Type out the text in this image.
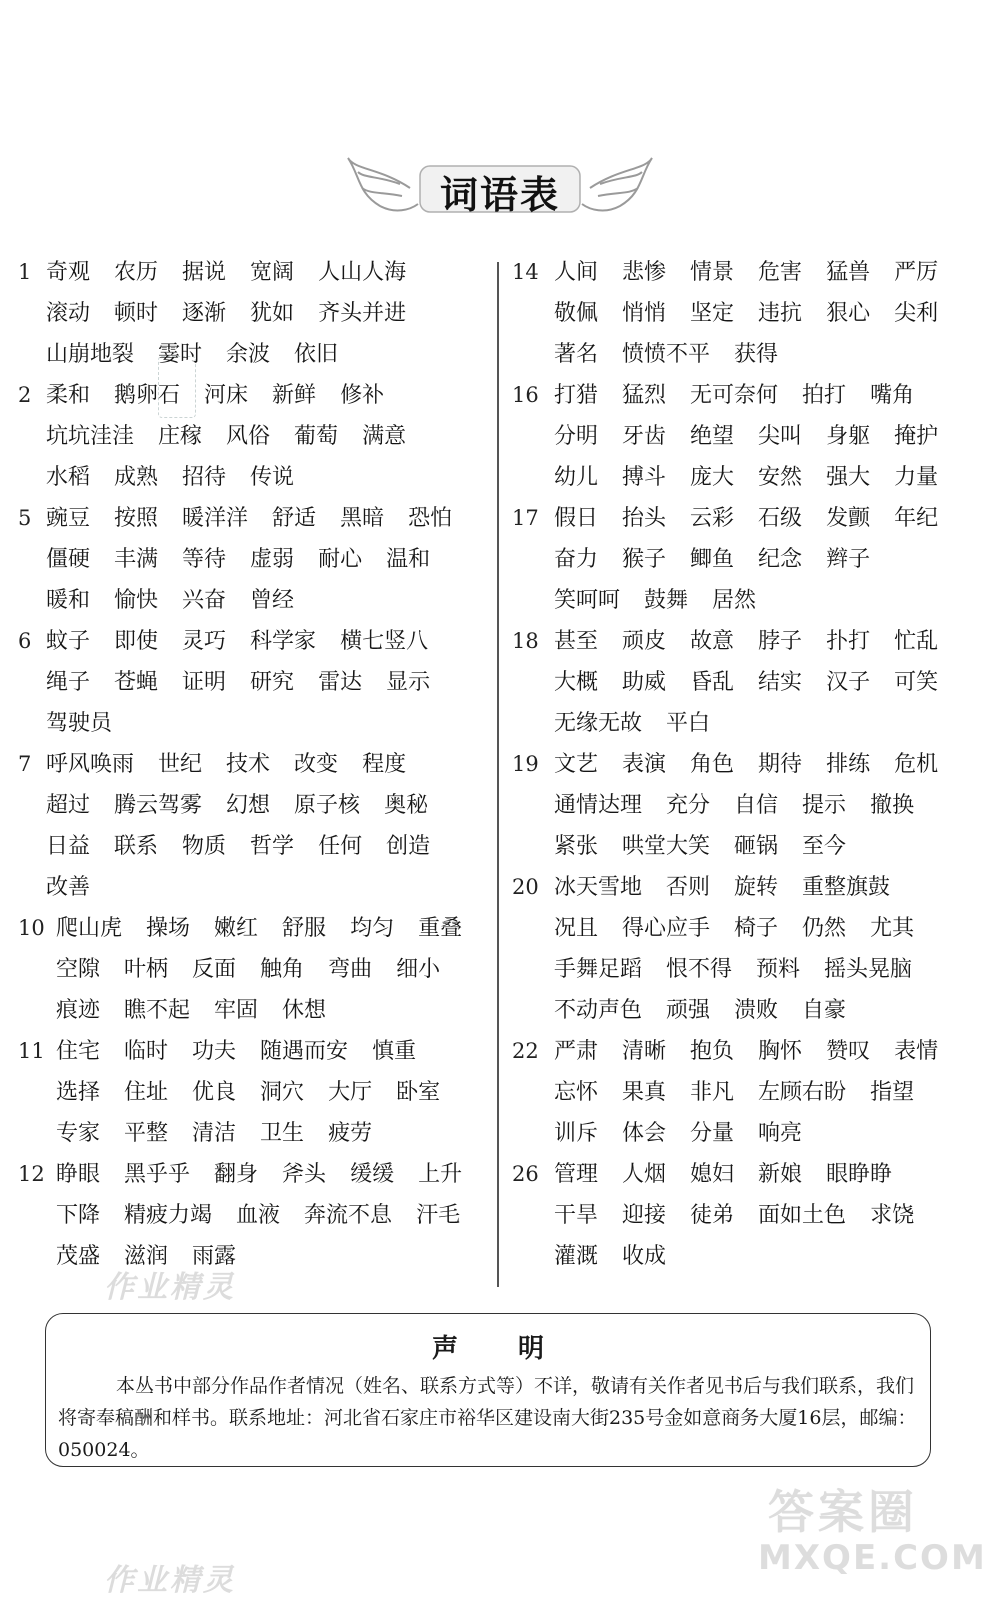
词语表
1 奇观 农历 据说 宽阔 人山人海
滚动 顿时 逐渐 犹如 齐头并进
山崩地裂 霎时 余波 依旧
2 柔和 鹅卵石 河床 新鲜 修补
坑坑洼洼 庄稼 风俗 葡萄 满意
水稻 成熟 招待 传说
5 豌豆 按照 暖洋洋 舒适 黑暗 恐怕
僵硬 丰满 等待 虚弱 耐心 温和
暖和 愉快 兴奋 曾经
6 蚊子 即使 灵巧 科学家 横七竖八
绳子 苍蝇 证明 研究 雷达 显示
驾驶员
7 呼风唤雨 世纪 技术 改变 程度
超过 腾云驾雾 幻想 原子核 奥秘
日益 联系 物质 哲学 任何 创造
改善
10 爬山虎 操场 嫩红 舒服 均匀 重叠
空隙 叶柄 反面 触角 弯曲 细小
痕迹 瞧不起 牢固 休想
11 住宅 临时 功夫 随遇而安 慎重
选择 住址 优良 洞穴 大厅 卧室
专家 平整 清洁 卫生 疲劳
12 睁眼 黑乎乎 翻身 斧头 缓缓 上升
下降 精疲力竭 血液 奔流不息 汗毛
茂盛 滋润 雨露
14 人间 悲惨 情景 危害 猛兽 严厉
敬佩 悄悄 坚定 违抗 狠心 尖利
著名 愤愤不平 获得
16 打猎 猛烈 无可奈何 拍打 嘴角
分明 牙齿 绝望 尖叫 身躯 掩护
幼儿 搏斗 庞大 安然 强大 力量
17 假日 抬头 云彩 石级 发颤 年纪
奋力 猴子 鲫鱼 纪念 辫子
笑呵呵 鼓舞 居然
18 甚至 顽皮 故意 脖子 扑打 忙乱
大概 助威 昏乱 结实 汉子 可笑
无缘无故 平白
19 文艺 表演 角色 期待 排练 危机
通情达理 充分 自信 提示 撤换
紧张 哄堂大笑 砸锅 至今
20 冰天雪地 否则 旋转 重整旗鼓
况且 得心应手 椅子 仍然 尤其
手舞足蹈 恨不得 预料 摇头晃脑
不动声色 顽强 溃败 自豪
22 严肃 清晰 抱负 胸怀 赞叹 表情
忘怀 果真 非凡 左顾右盼 指望
训斥 体会 分量 响亮
26 管理 人烟 媳妇 新娘 眼睁睁
干旱 迎接 徒弟 面如土色 求饶
灌溉 收成
作业精灵
声明
本丛书中部分作品作者情况（姓名、联系方式等）不详，敬请有关作者见书后与我们联系，我们将寄奉稿酬和样书。联系地址：河北省石家庄市裕华区建设南大街235号金如意商务大厦16层，邮编：050024。
作业精灵
答案圈
MXQE.COM
